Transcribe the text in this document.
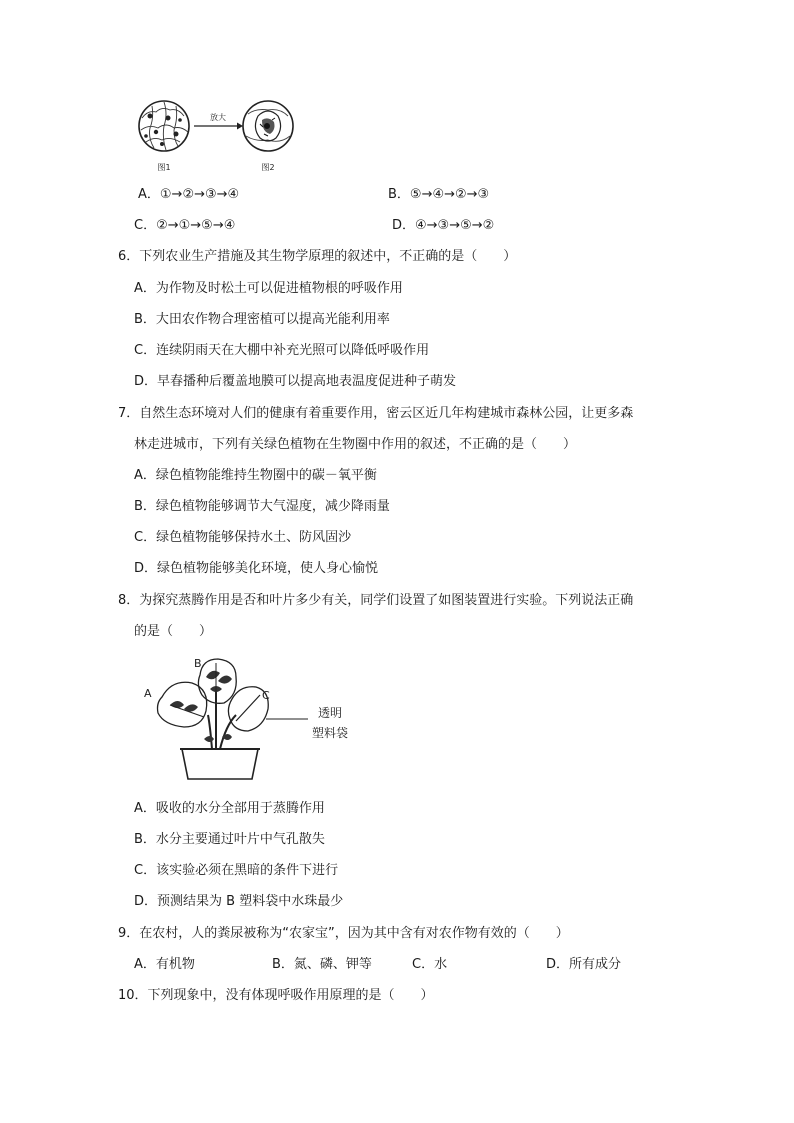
放大
图1	图2
A．①→②→③→④	B．⑤→④→②→③
C．②→①→⑤→④	D．④→③→⑤→②
6．下列农业生产措施及其生物学原理的叙述中，不正确的是（　　）
A．为作物及时松土可以促进植物根的呼吸作用
B．大田农作物合理密植可以提高光能利用率
C．连续阴雨天在大棚中补充光照可以降低呼吸作用
D．早春播种后覆盖地膜可以提高地表温度促进种子萌发
7．自然生态环境对人们的健康有着重要作用，密云区近几年构建城市森林公园，让更多森
林走进城市，下列有关绿色植物在生物圈中作用的叙述，不正确的是（　　）
A．绿色植物能维持生物圈中的碳－氧平衡
B．绿色植物能够调节大气湿度，减少降雨量
C．绿色植物能够保持水土、防风固沙
D．绿色植物能够美化环境，使人身心愉悦
8．为探究蒸腾作用是否和叶片多少有关，同学们设置了如图装置进行实验。下列说法正确
的是（　　）
A
B
C
透明
塑料袋
A．吸收的水分全部用于蒸腾作用
B．水分主要通过叶片中气孔散失
C．该实验必须在黑暗的条件下进行
D．预测结果为 B 塑料袋中水珠最少
9．在农村，人的粪尿被称为“农家宝”，因为其中含有对农作物有效的（　　）
A．有机物	B．氮、磷、钾等	C．水	D．所有成分
10．下列现象中，没有体现呼吸作用原理的是（　　）
